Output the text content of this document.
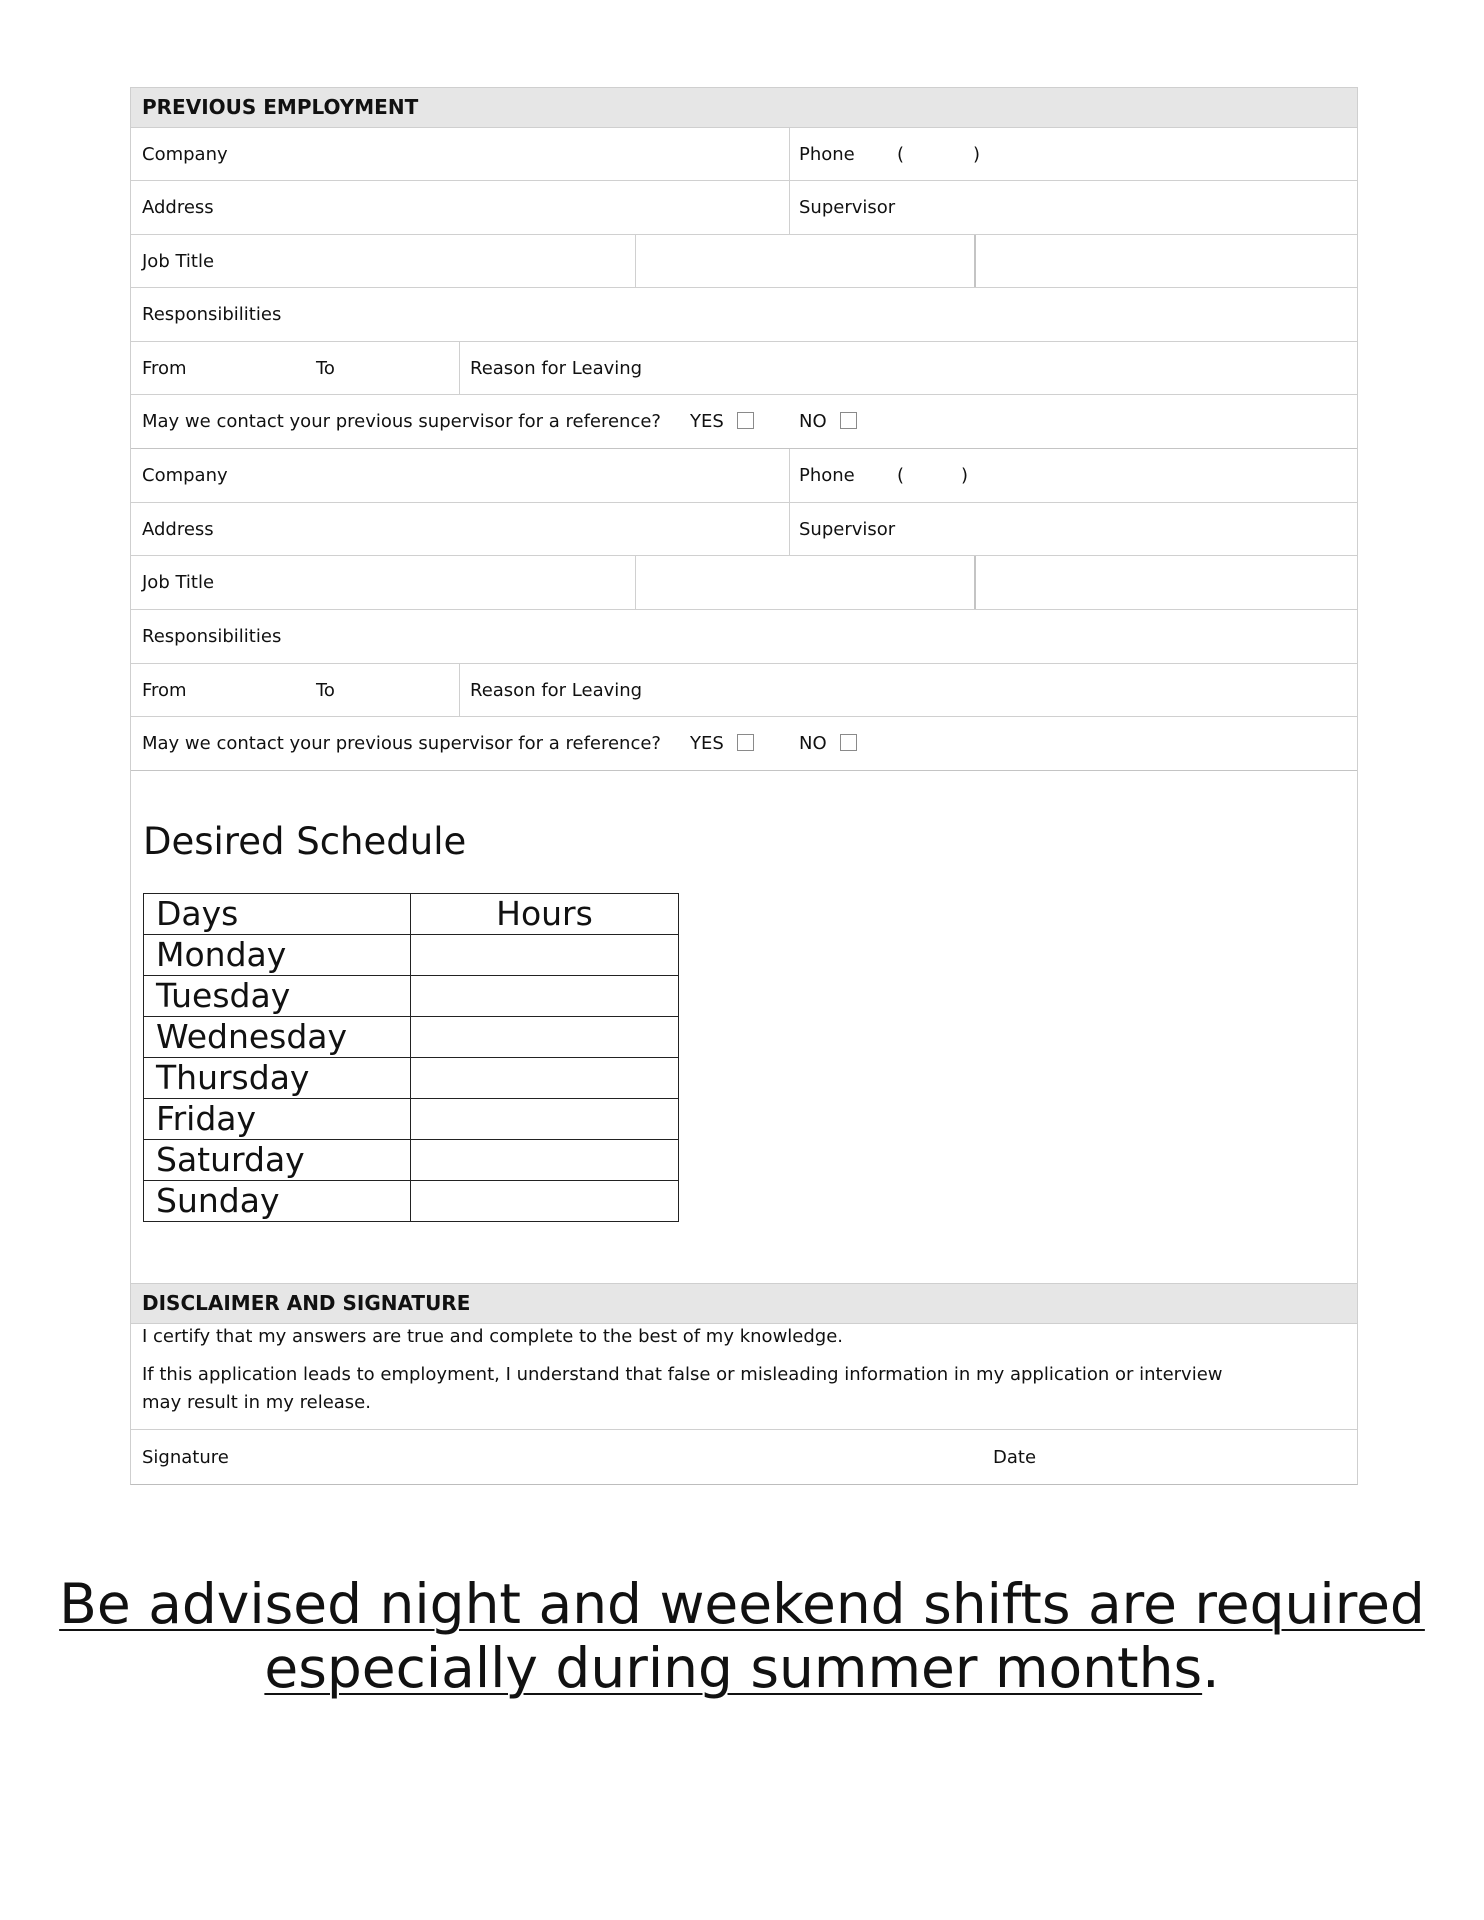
PREVIOUS EMPLOYMENT
Company	Phone (	)
Address	Supervisor
Job Title
Responsibilities
From	To	Reason for Leaving
May we contact your previous supervisor for a reference? YES	NO
Company	Phone (	)
Address	Supervisor
Job Title
Responsibilities
From	To	Reason for Leaving
May we contact your previous supervisor for a reference? YES	NO
Desired Schedule
Days	Hours
Monday	
Tuesday	
Wednesday	
Thursday	
Friday	
Saturday	
Sunday	
DISCLAIMER AND SIGNATURE
I certify that my answers are true and complete to the best of my knowledge.
If this application leads to employment, I understand that false or misleading information in my application or interview
may result in my release.
Signature	Date
Be advised night and weekend shifts are required
especially during summer months.
